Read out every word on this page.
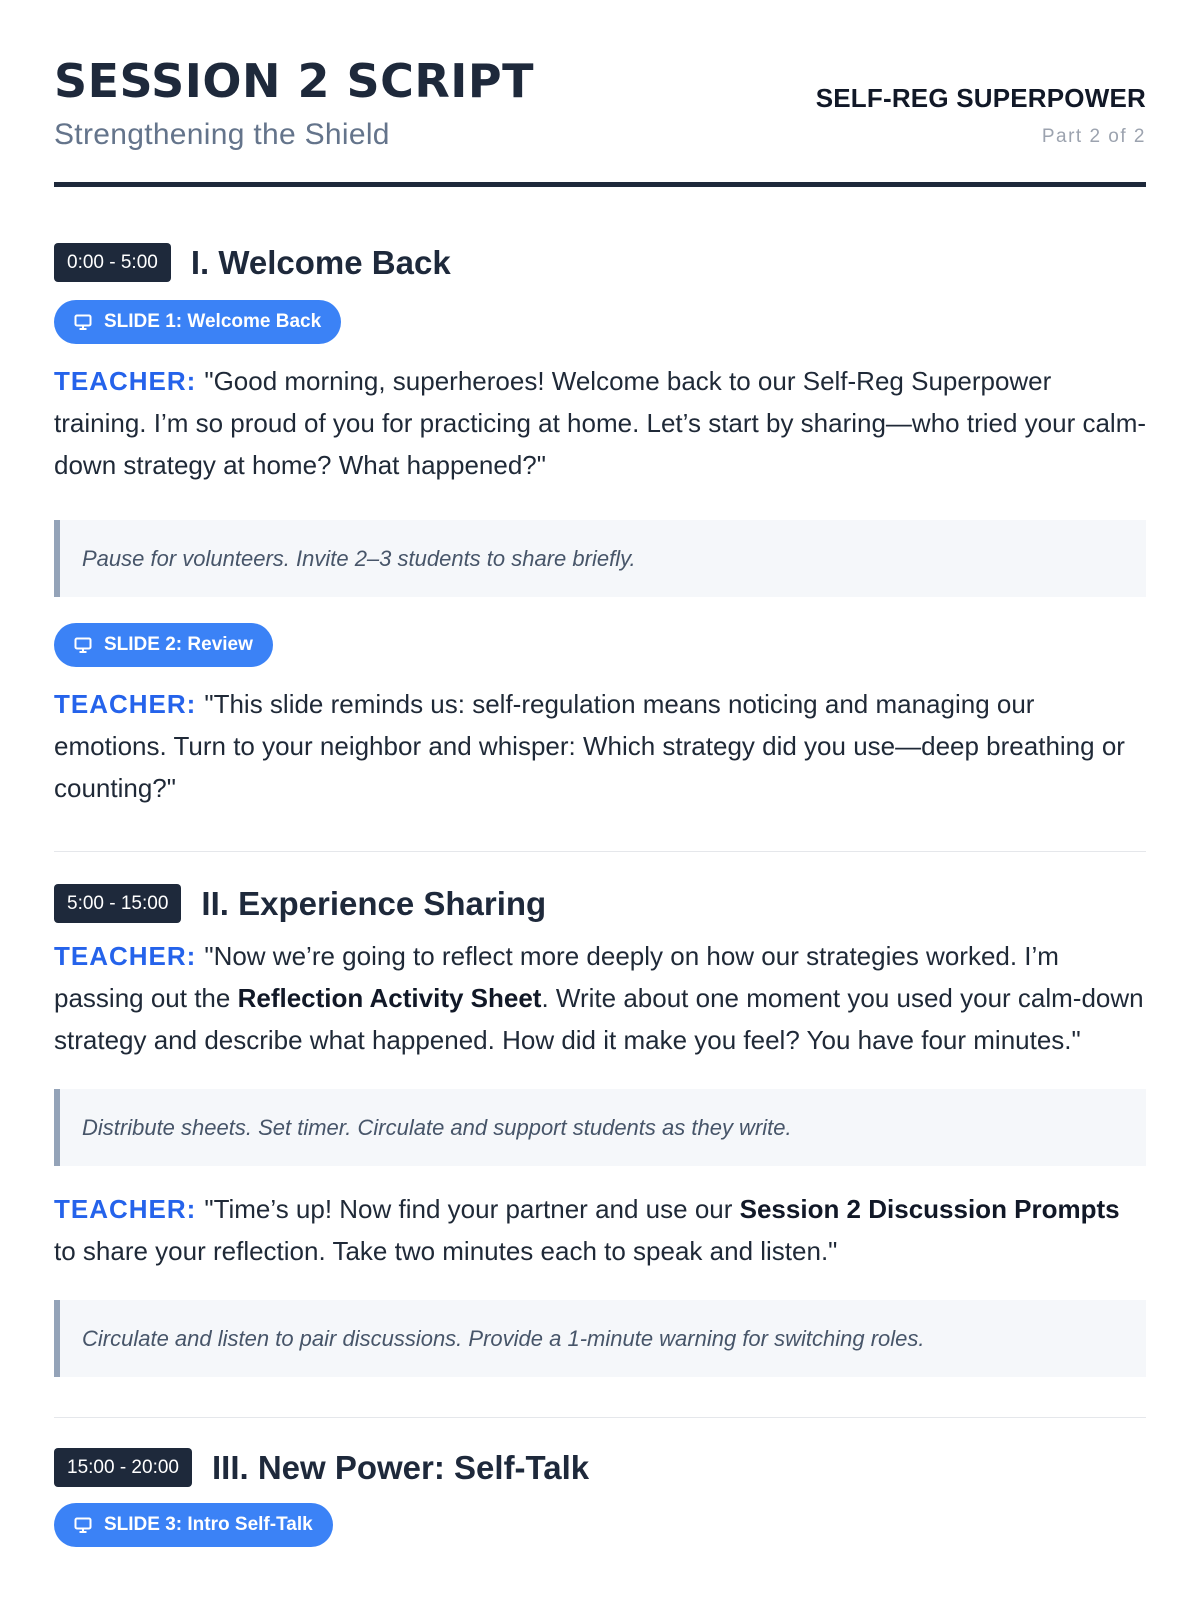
SESSION 2 SCRIPT
Strengthening the Shield
SELF-REG SUPERPOWER
Part 2 of 2
0:00 - 5:00	I. Welcome Back
SLIDE 1: Welcome Back

TEACHER: "Good morning, superheroes! Welcome back to our Self-Reg Superpower training. I’m so proud of you for practicing at home. Let’s start by sharing—who tried your calm-down strategy at home? What happened?"

Pause for volunteers. Invite 2–3 students to share briefly.
SLIDE 2: Review

TEACHER: "This slide reminds us: self-regulation means noticing and managing our emotions. Turn to your neighbor and whisper: Which strategy did you use—deep breathing or counting?"

5:00 - 15:00	II. Experience Sharing

TEACHER: "Now we’re going to reflect more deeply on how our strategies worked. I’m passing out the Reflection Activity Sheet. Write about one moment you used your calm-down strategy and describe what happened. How did it make you feel? You have four minutes."

Distribute sheets. Set timer. Circulate and support students as they write.

TEACHER: "Time’s up! Now find your partner and use our Session 2 Discussion Prompts to share your reflection. Take two minutes each to speak and listen."

Circulate and listen to pair discussions. Provide a 1-minute warning for switching roles.
15:00 - 20:00	III. New Power: Self-Talk
SLIDE 3: Intro Self-Talk
